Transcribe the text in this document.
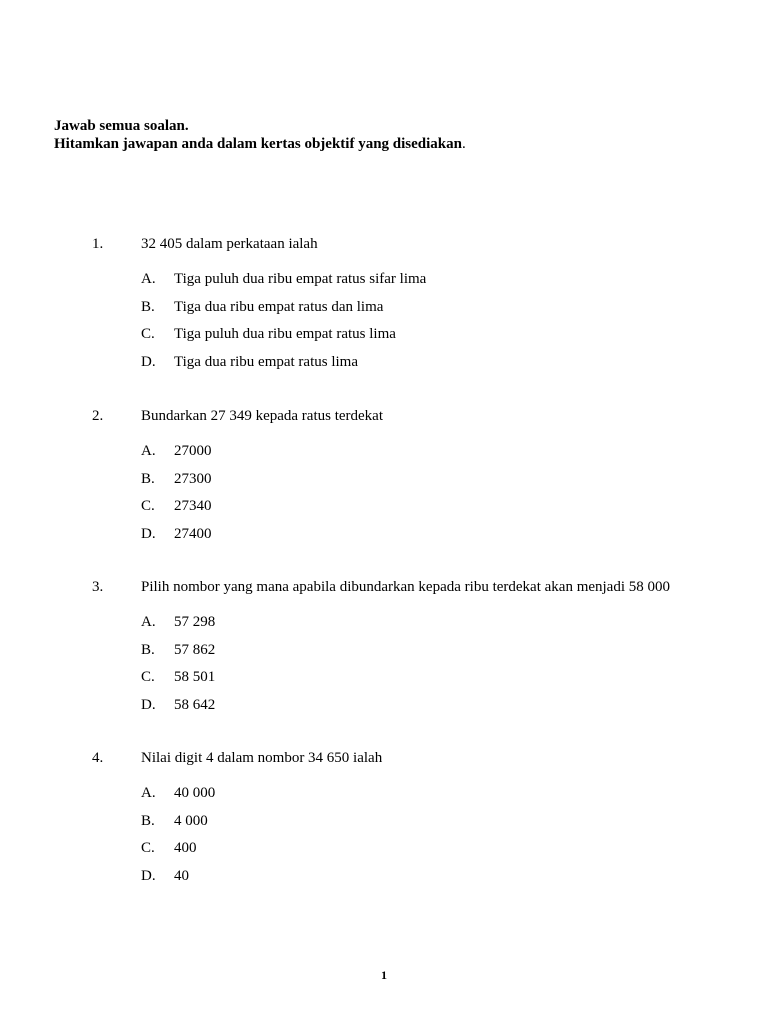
Jawab semua soalan.
Hitamkan jawapan anda dalam kertas objektif yang disediakan.
1.	32 405 dalam perkataan ialah
A. Tiga puluh dua ribu empat ratus sifar lima
B. Tiga dua ribu empat ratus dan lima
C. Tiga puluh dua ribu empat ratus lima
D. Tiga dua ribu empat ratus lima
2.	Bundarkan 27 349 kepada ratus terdekat
A. 27000
B. 27300
C. 27340
D. 27400
3.	Pilih nombor yang mana apabila dibundarkan kepada ribu terdekat akan menjadi 58 000
A. 57 298
B. 57 862
C. 58 501
D. 58 642
4.	Nilai digit 4 dalam nombor 34 650 ialah
A. 40 000
B. 4 000
C. 400
D. 40
1
